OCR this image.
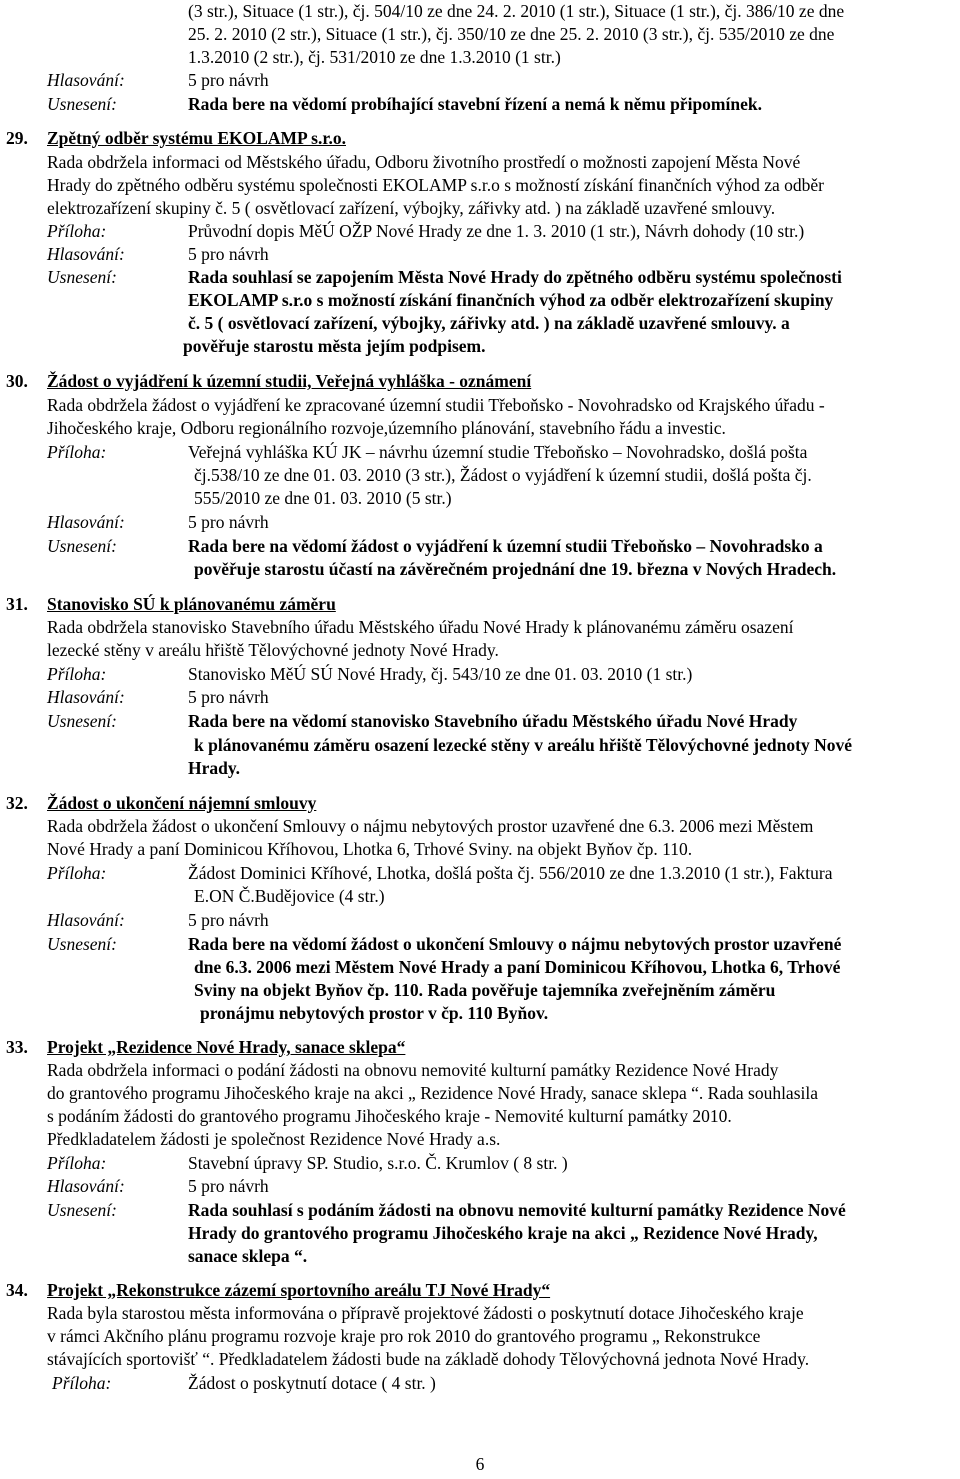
(3 str.), Situace (1 str.), čj. 504/10 ze dne 24. 2. 2010 (1 str.), Situace (1 str.), čj. 386/10 ze dne
25. 2. 2010 (2 str.), Situace (1 str.), čj. 350/10 ze dne 25. 2. 2010 (3 str.), čj. 535/2010 ze dne
1.3.2010 (2 str.), čj. 531/2010 ze dne 1.3.2010 (1 str.)
Hlasování:	5 pro návrh
Usnesení:	Rada bere na vědomí probíhající stavební řízení a nemá k němu připomínek.
29. Zpětný odběr systému EKOLAMP s.r.o.
Rada obdržela informaci od Městského úřadu, Odboru životního prostředí o možnosti zapojení Města Nové
Hrady do zpětného odběru systému společnosti EKOLAMP s.r.o s možností získání finančních výhod za odběr
elektrozařízení skupiny č. 5 ( osvětlovací zařízení, výbojky, zářivky atd. ) na základě uzavřené smlouvy.
Příloha:	Průvodní dopis MěÚ OŽP Nové Hrady ze dne 1. 3. 2010 (1 str.), Návrh dohody (10 str.)
Hlasování:	5 pro návrh
Usnesení:	Rada souhlasí se zapojením Města Nové Hrady do zpětného odběru systému společnosti
EKOLAMP s.r.o s možností získání finančních výhod za odběr elektrozařízení skupiny
č. 5 ( osvětlovací zařízení, výbojky, zářivky atd. ) na základě uzavřené smlouvy. a
pověřuje starostu města jejím podpisem.
30. Žádost o vyjádření k územní studii, Veřejná vyhláška - oznámení
Rada obdržela žádost o vyjádření ke zpracované územní studii Třeboňsko - Novohradsko od Krajského úřadu -
Jihočeského kraje, Odboru regionálního rozvoje,územního plánování, stavebního řádu a investic.
Příloha:	Veřejná vyhláška KÚ JK – návrhu územní studie Třeboňsko – Novohradsko, došlá pošta
čj.538/10 ze dne 01. 03. 2010 (3 str.), Žádost o vyjádření k územní studii, došlá pošta čj.
555/2010 ze dne 01. 03. 2010 (5 str.)
Hlasování:	5 pro návrh
Usnesení:	Rada bere na vědomí žádost o vyjádření k územní studii Třeboňsko – Novohradsko a
pověřuje starostu účastí na závěrečném projednání dne 19. března v Nových Hradech.
31. Stanovisko SÚ k plánovanému záměru
Rada obdržela stanovisko Stavebního úřadu Městského úřadu Nové Hrady k plánovanému záměru osazení
lezecké stěny v areálu hřiště Tělovýchovné jednoty Nové Hrady.
Příloha:	Stanovisko MěÚ SÚ Nové Hrady, čj. 543/10 ze dne 01. 03. 2010 (1 str.)
Hlasování:	5 pro návrh
Usnesení:	Rada bere na vědomí stanovisko Stavebního úřadu Městského úřadu Nové Hrady
k plánovanému záměru osazení lezecké stěny v areálu hřiště Tělovýchovné jednoty Nové
Hrady.
32. Žádost o ukončení nájemní smlouvy
Rada obdržela žádost o ukončení Smlouvy o nájmu nebytových prostor uzavřené dne 6.3. 2006 mezi Městem
Nové Hrady a paní Dominicou Kříhovou, Lhotka 6, Trhové Sviny. na objekt Byňov čp. 110.
Příloha:	Žádost Dominici Kříhové, Lhotka, došlá pošta čj. 556/2010 ze dne 1.3.2010 (1 str.), Faktura
E.ON Č.Budějovice (4 str.)
Hlasování:	5 pro návrh
Usnesení:	Rada bere na vědomí žádost o ukončení Smlouvy o nájmu nebytových prostor uzavřené
dne 6.3. 2006 mezi Městem Nové Hrady a paní Dominicou Kříhovou, Lhotka 6, Trhové
Sviny na objekt Byňov čp. 110. Rada pověřuje tajemníka zveřejněním záměru
pronájmu nebytových prostor v čp. 110 Byňov.
33. Projekt „Rezidence Nové Hrady, sanace sklepa“
Rada obdržela informaci o podání žádosti na obnovu nemovité kulturní památky Rezidence Nové Hrady
do grantového programu Jihočeského kraje na akci „ Rezidence Nové Hrady, sanace sklepa “. Rada souhlasila
s podáním žádosti do grantového programu Jihočeského kraje - Nemovité kulturní památky 2010.
Předkladatelem žádosti je společnost Rezidence Nové Hrady a.s.
Příloha:	Stavební úpravy SP. Studio, s.r.o. Č. Krumlov ( 8 str. )
Hlasování:	5 pro návrh
Usnesení:	Rada souhlasí s podáním žádosti na obnovu nemovité kulturní památky Rezidence Nové
Hrady do grantového programu Jihočeského kraje na akci „ Rezidence Nové Hrady,
sanace sklepa “.
34. Projekt „Rekonstrukce zázemí sportovního areálu TJ Nové Hrady“
Rada byla starostou města informována o přípravě projektové žádosti o poskytnutí dotace Jihočeského kraje
v rámci Akčního plánu programu rozvoje kraje pro rok 2010 do grantového programu „ Rekonstrukce
stávajících sportovišť “. Předkladatelem žádosti bude na základě dohody Tělovýchovná jednota Nové Hrady.
Příloha:	Žádost o poskytnutí dotace ( 4 str. )
6
